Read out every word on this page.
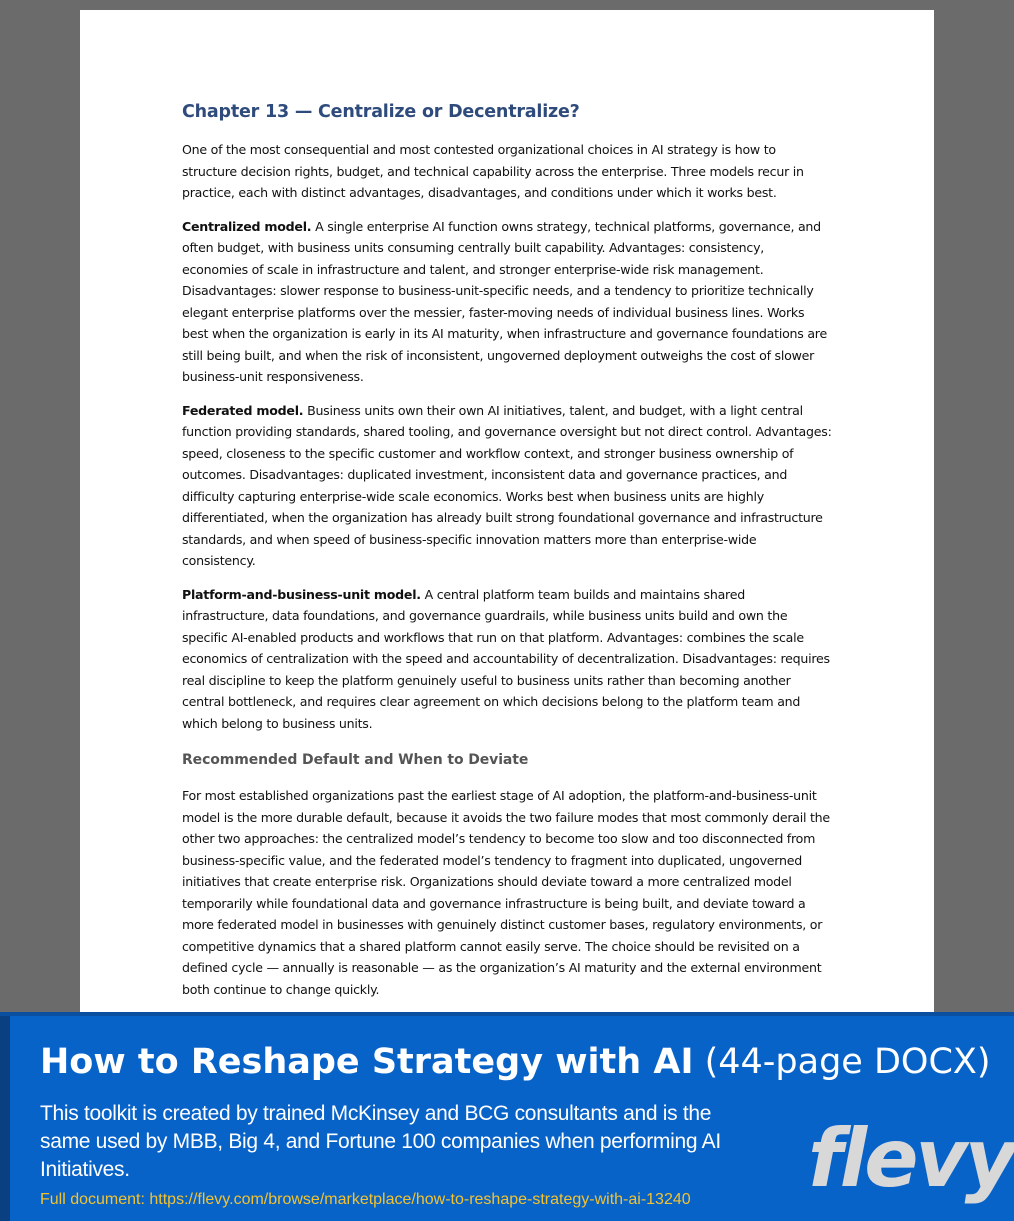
Chapter 13 — Centralize or Decentralize?

One of the most consequential and most contested organizational choices in AI strategy is how to structure decision rights, budget, and technical capability across the enterprise. Three models recur in practice, each with distinct advantages, disadvantages, and conditions under which it works best.

Centralized model. A single enterprise AI function owns strategy, technical platforms, governance, and often budget, with business units consuming centrally built capability. Advantages: consistency, economies of scale in infrastructure and talent, and stronger enterprise-wide risk management. Disadvantages: slower response to business-unit-specific needs, and a tendency to prioritize technically elegant enterprise platforms over the messier, faster-moving needs of individual business lines. Works best when the organization is early in its AI maturity, when infrastructure and governance foundations are still being built, and when the risk of inconsistent, ungoverned deployment outweighs the cost of slower business-unit responsiveness.

Federated model. Business units own their own AI initiatives, talent, and budget, with a light central function providing standards, shared tooling, and governance oversight but not direct control. Advantages: speed, closeness to the specific customer and workflow context, and stronger business ownership of outcomes. Disadvantages: duplicated investment, inconsistent data and governance practices, and difficulty capturing enterprise-wide scale economics. Works best when business units are highly differentiated, when the organization has already built strong foundational governance and infrastructure standards, and when speed of business-specific innovation matters more than enterprise-wide consistency.

Platform-and-business-unit model. A central platform team builds and maintains shared infrastructure, data foundations, and governance guardrails, while business units build and own the specific AI-enabled products and workflows that run on that platform. Advantages: combines the scale economics of centralization with the speed and accountability of decentralization. Disadvantages: requires real discipline to keep the platform genuinely useful to business units rather than becoming another central bottleneck, and requires clear agreement on which decisions belong to the platform team and which belong to business units.

Recommended Default and When to Deviate

For most established organizations past the earliest stage of AI adoption, the platform-and-business-unit model is the more durable default, because it avoids the two failure modes that most commonly derail the other two approaches: the centralized model’s tendency to become too slow and too disconnected from business-specific value, and the federated model’s tendency to fragment into duplicated, ungoverned initiatives that create enterprise risk. Organizations should deviate toward a more centralized model temporarily while foundational data and governance infrastructure is being built, and deviate toward a more federated model in businesses with genuinely distinct customer bases, regulatory environments, or competitive dynamics that a shared platform cannot easily serve. The choice should be revisited on a defined cycle — annually is reasonable — as the organization’s AI maturity and the external environment both continue to change quickly.

How to Reshape Strategy with AI (44-page DOCX)

This toolkit is created by trained McKinsey and BCG consultants and is the same used by MBB, Big 4, and Fortune 100 companies when performing AI Initiatives.

Full document: https://flevy.com/browse/marketplace/how-to-reshape-strategy-with-ai-13240 flevy
